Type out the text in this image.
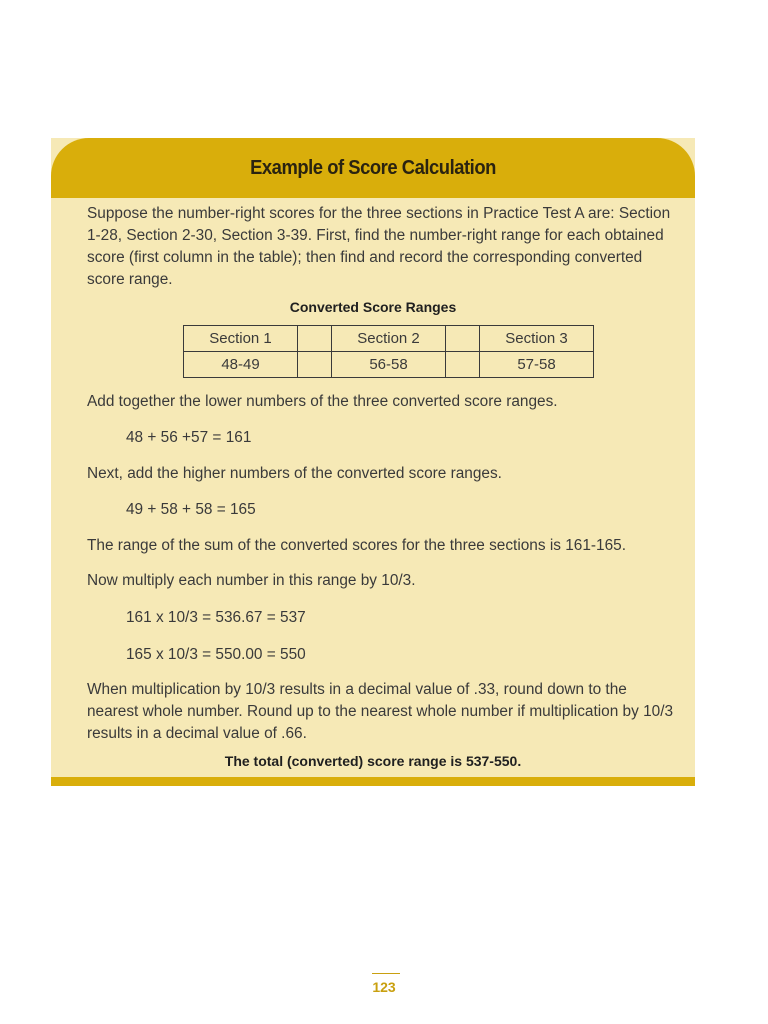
Example of Score Calculation
Suppose the number-right scores for the three sections in Practice Test A are: Section 1-28, Section 2-30, Section 3-39. First, find the number-right range for each obtained score (first column in the table); then find and record the corresponding converted score range.
Converted Score Ranges
Section 1		Section 2		Section 3
48-49		56-58		57-58
Add together the lower numbers of the three converted score ranges.
48 + 56 +57 = 161
Next, add the higher numbers of the converted score ranges.
49 + 58 + 58 = 165
The range of the sum of the converted scores for the three sections is 161-165.
Now multiply each number in this range by 10/3.
161 x 10/3 = 536.67 = 537
165 x 10/3 = 550.00 = 550
When multiplication by 10/3 results in a decimal value of .33, round down to the nearest whole number. Round up to the nearest whole number if multiplication by 10/3 results in a decimal value of .66.
The total (converted) score range is 537-550.
123
